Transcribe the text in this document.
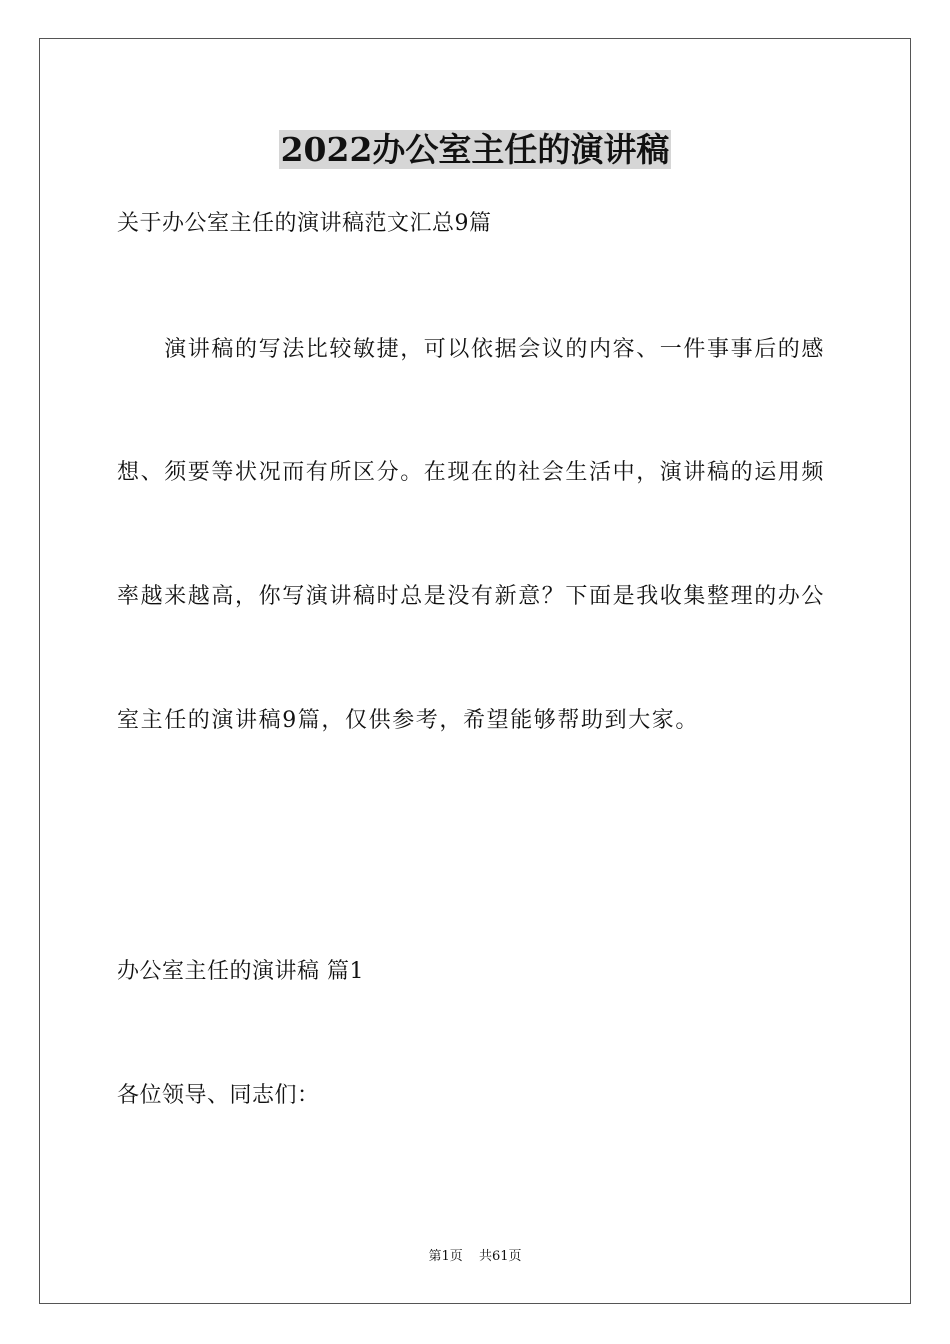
2022办公室主任的演讲稿
关于办公室主任的演讲稿范文汇总9篇
　　演讲稿的写法比较敏捷，可以依据会议的内容、一件事事后的感
想、须要等状况而有所区分。在现在的社会生活中，演讲稿的运用频
率越来越高，你写演讲稿时总是没有新意？下面是我收集整理的办公
室主任的演讲稿9篇，仅供参考，希望能够帮助到大家。
办公室主任的演讲稿 篇1
各位领导、同志们：
第1页 共61页
